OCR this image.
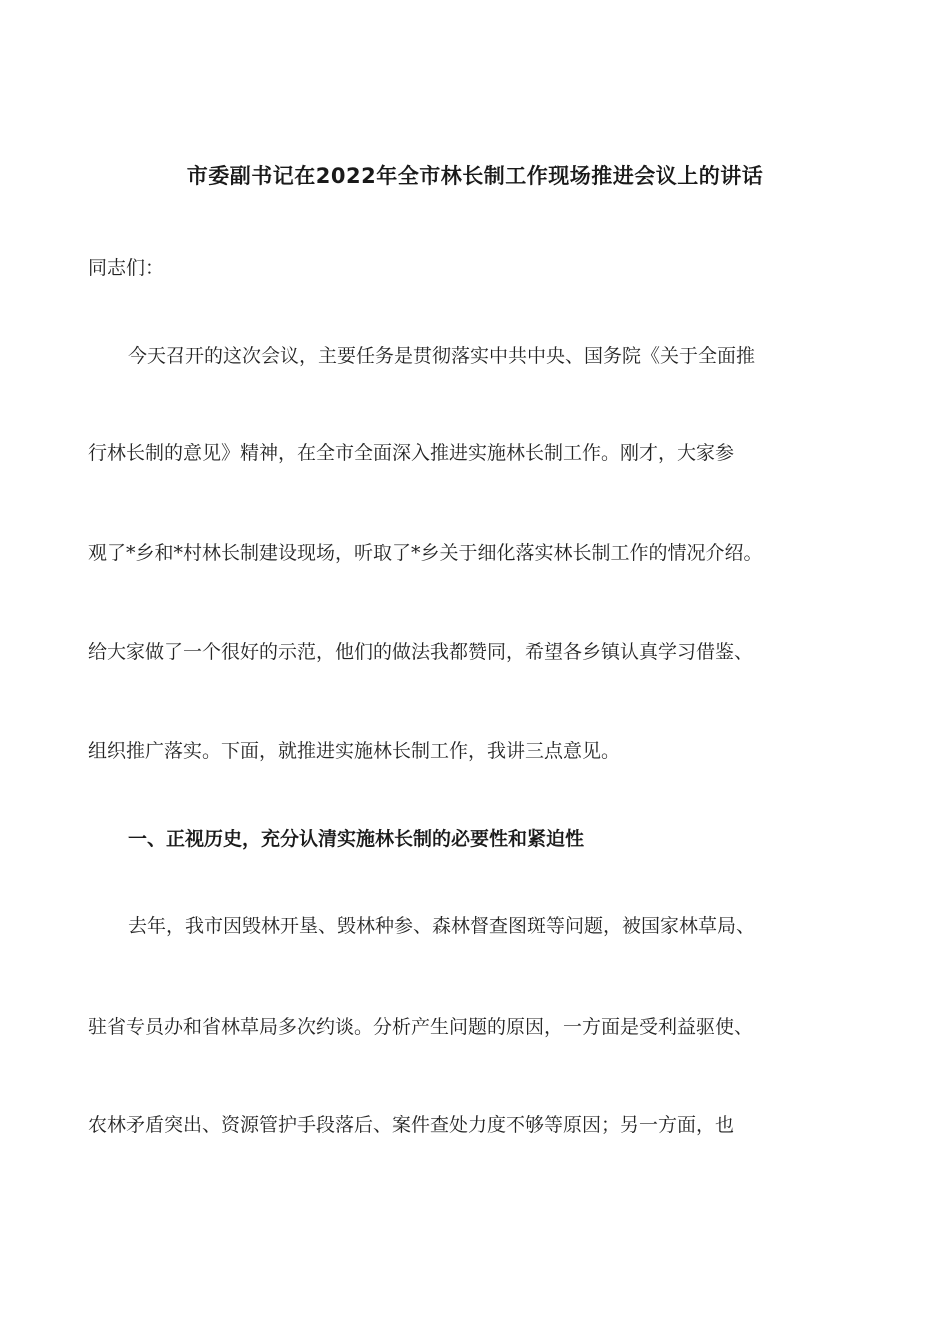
市委副书记在2022年全市林长制工作现场推进会议上的讲话
同志们：
今天召开的这次会议，主要任务是贯彻落实中共中央、国务院《关于全面推
行林长制的意见》精神，在全市全面深入推进实施林长制工作。刚才，大家参
观了*乡和*村林长制建设现场，听取了*乡关于细化落实林长制工作的情况介绍。
给大家做了一个很好的示范，他们的做法我都赞同，希望各乡镇认真学习借鉴、
组织推广落实。下面，就推进实施林长制工作，我讲三点意见。
一、正视历史，充分认清实施林长制的必要性和紧迫性
去年，我市因毁林开垦、毁林种参、森林督查图斑等问题，被国家林草局、
驻省专员办和省林草局多次约谈。分析产生问题的原因，一方面是受利益驱使、
农林矛盾突出、资源管护手段落后、案件查处力度不够等原因；另一方面，也
